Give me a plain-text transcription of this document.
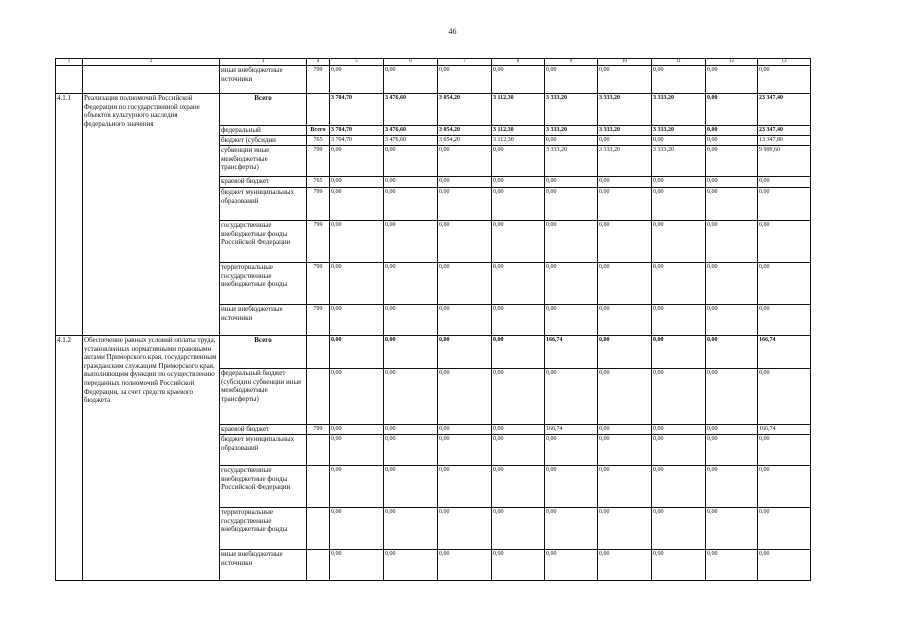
46
1	2	3	4	5	6	7	8	9	10	11	12	13
		иные внебюджетные источники	799	0,00	0,00	0,00	0,00	0,00	0,00	0,00	0,00	0,00
4.1.1	Реализация полномочий Российской Федерации по государственной охране объектов культурного наследия федерального значения	Всего		3 704,70	3 476,60	3 054,20	3 112,30	3 333,20	3 333,20	3 333,20	0,00	23 347,40
		федеральный	Всего	3 704,70	3 476,60	3 054,20	3 112,30	3 333,20	3 333,20	3 333,20	0,00	23 347,40
		бюджет (субсидии	765	3 704,70	3 476,60	3 054,20	3 112,30	0,00	0,00	0,00	0,00	13 347,80
		субвенции иные межбюджетные трансферты)	799	0,00	0,00	0,00	0,00	3 333,20	3 333,20	3 333,20	0,00	9 999,60
		краевой бюджет	765	0,00	0,00	0,00	0,00	0,00	0,00	0,00	0,00	0,00
		бюджет муниципальных образований	799	0,00	0,00	0,00	0,00	0,00	0,00	0,00	0,00	0,00
		государственные внебюджетные фонды Российской Федерации	799	0,00	0,00	0,00	0,00	0,00	0,00	0,00	0,00	0,00
		территориальные государственные внебюджетные фонды	799	0,00	0,00	0,00	0,00	0,00	0,00	0,00	0,00	0,00
		иные внебюджетные источники	799	0,00	0,00	0,00	0,00	0,00	0,00	0,00	0,00	0,00
4.1.2	Обеспечение равных условий оплаты труда, установленных нормативными правовыми актами Приморского края, государственным гражданским служащим Приморского края, выполняющим функции по осуществлению переданных полномочий Российской Федерации, за счет средств краевого бюджета	Всего		0,00	0,00	0,00	0,00	166,74	0,00	0,00	0,00	166,74
		федеральный бюджет (субсидии субвенции иные межбюджетные трансферты)		0,00	0,00	0,00	0,00	0,00	0,00	0,00	0,00	0,00
		краевой бюджет	799	0,00	0,00	0,00	0,00	166,74	0,00	0,00	0,00	166,74
		бюджет муниципальных образований		0,00	0,00	0,00	0,00	0,00	0,00	0,00	0,00	0,00
		государственные внебюджетные фонды Российской Федерации		0,00	0,00	0,00	0,00	0,00	0,00	0,00	0,00	0,00
		территориальные государственные внебюджетные фонды		0,00	0,00	0,00	0,00	0,00	0,00	0,00	0,00	0,00
		иные внебюджетные источники		0,00	0,00	0,00	0,00	0,00	0,00	0,00	0,00	0,00
